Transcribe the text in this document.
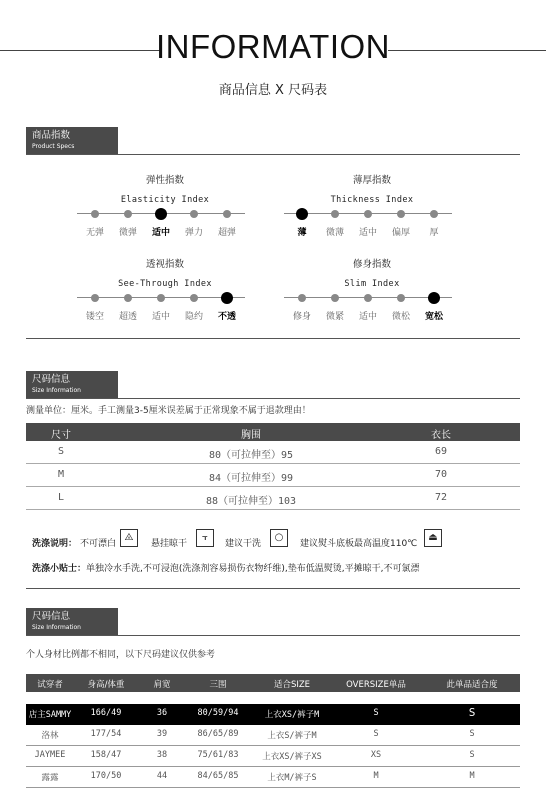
INFORMATION
商品信息 X 尺码表
商品指数
Product Specs
弹性指数
Elasticity Index
无弹	微弹	适中	弹力	超弹
薄厚指数
Thickness Index
薄	微薄	适中	偏厚	厚
透视指数
See-Through Index
镂空	超透	适中	隐约	不透
修身指数
Slim Index
修身	微紧	适中	微松	宽松
尺码信息
Size Information
测量单位：厘米。手工测量3-5厘米误差属于正常现象不属于退款理由！
尺寸	胸围	衣长
S	80（可拉伸至）95	69
M	84（可拉伸至）99	70
L	88（可拉伸至）103	72
洗涤说明： 不可漂白
⨻
悬挂晾干
⫟
建议干洗
○
建议熨斗底板最高温度110℃
⏏
洗涤小贴士：单独冷水手洗,不可浸泡(洗涤剂容易损伤衣物纤维),垫布低温熨烫,平摊晾干,不可氯漂
尺码信息
Size Information
个人身材比例都不相同，以下尺码建议仅供参考
试穿者	身高/体重	肩宽	三围	适合SIZE	OVERSIZE单品	此单品适合度
店主SAMMY	166/49	36	80/59/94	上衣XS/裤子M	S	S
洛林	177/54	39	86/65/89	上衣S/裤子M	S	S
JAYMEE	158/47	38	75/61/83	上衣XS/裤子XS	XS	S
露露	170/50	44	84/65/85	上衣M/裤子S	M	M
